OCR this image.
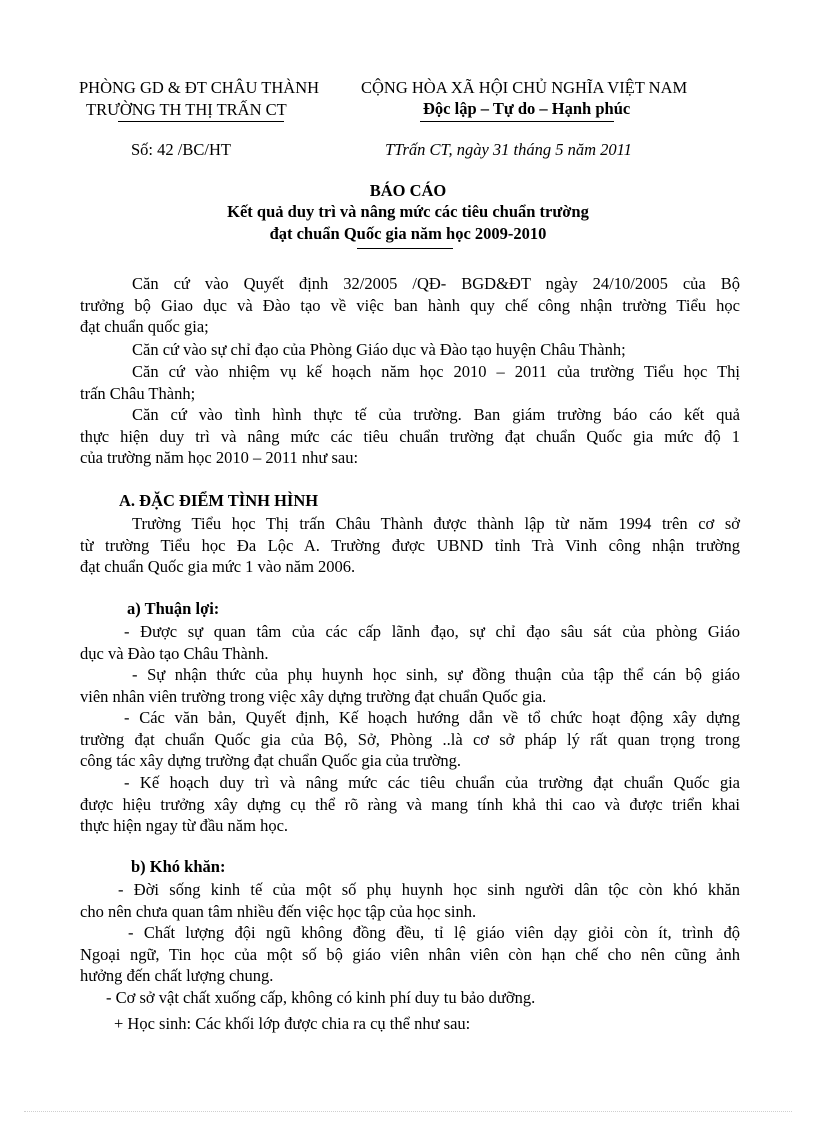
PHÒNG GD & ĐT CHÂU THÀNH
TRƯỜNG TH THỊ TRẤN CT
CỘNG HÒA XÃ HỘI CHỦ NGHĨA VIỆT NAM
Độc lập – Tự do – Hạnh phúc
Số: 42 /BC/HT	TTrấn CT, ngày 31 tháng 5 năm 2011
BÁO CÁO
Kết quả duy trì và nâng mức các tiêu chuẩn trường
đạt chuẩn Quốc gia năm học 2009-2010
Căn cứ vào Quyết định 32/2005 /QĐ- BGD&ĐT ngày 24/10/2005 của Bộ
trưởng bộ Giao dục và Đào tạo về việc ban hành quy chế công nhận trường Tiểu học
đạt chuẩn quốc gia;
Căn cứ vào sự chỉ đạo của Phòng Giáo dục và Đào tạo huyện Châu Thành;
Căn cứ vào nhiệm vụ kế hoạch năm học 2010 – 2011 của trường Tiểu học Thị
trấn Châu Thành;
Căn cứ vào tình hình thực tế của trường. Ban giám trường báo cáo kết quả
thực hiện duy trì và nâng mức các tiêu chuẩn trường đạt chuẩn Quốc gia mức độ 1
của trường năm học 2010 – 2011 như sau:
A. ĐẶC ĐIỂM TÌNH HÌNH
Trường Tiểu học Thị trấn Châu Thành được thành lập từ năm 1994 trên cơ sở
từ trường Tiểu học Đa Lộc A. Trường được UBND tỉnh Trà Vinh công nhận trường
đạt chuẩn Quốc gia mức 1 vào năm 2006.
a) Thuận lợi:
- Được sự quan tâm của các cấp lãnh đạo, sự chỉ đạo sâu sát của phòng Giáo
dục và Đào tạo Châu Thành.
- Sự nhận thức của phụ huynh học sinh, sự đồng thuận của tập thể cán bộ giáo
viên nhân viên trường trong việc xây dựng trường đạt chuẩn Quốc gia.
- Các văn bản, Quyết định, Kế hoạch hướng dẫn về tổ chức hoạt động xây dựng
trường đạt chuẩn Quốc gia của Bộ, Sở, Phòng ..là cơ sở pháp lý rất quan trọng trong
công tác xây dựng trường đạt chuẩn Quốc gia của trường.
- Kế hoạch duy trì và nâng mức các tiêu chuẩn của trường đạt chuẩn Quốc gia
được hiệu trưởng xây dựng cụ thể rõ ràng và mang tính khả thi cao và được triển khai
thực hiện ngay từ đầu năm học.
b) Khó khăn:
- Đời sống kinh tế của một số phụ huynh học sinh người dân tộc còn khó khăn
cho nên chưa quan tâm nhiều đến việc học tập của học sinh.
- Chất lượng đội ngũ không đồng đều, tỉ lệ giáo viên dạy giỏi còn ít, trình độ
Ngoại ngữ, Tin học của một số bộ giáo viên nhân viên còn hạn chế cho nên cũng ảnh
hưởng đến chất lượng chung.
- Cơ sở vật chất xuống cấp, không có kinh phí duy tu bảo dưỡng.
+ Học sinh: Các khối lớp được chia ra cụ thể như sau:
